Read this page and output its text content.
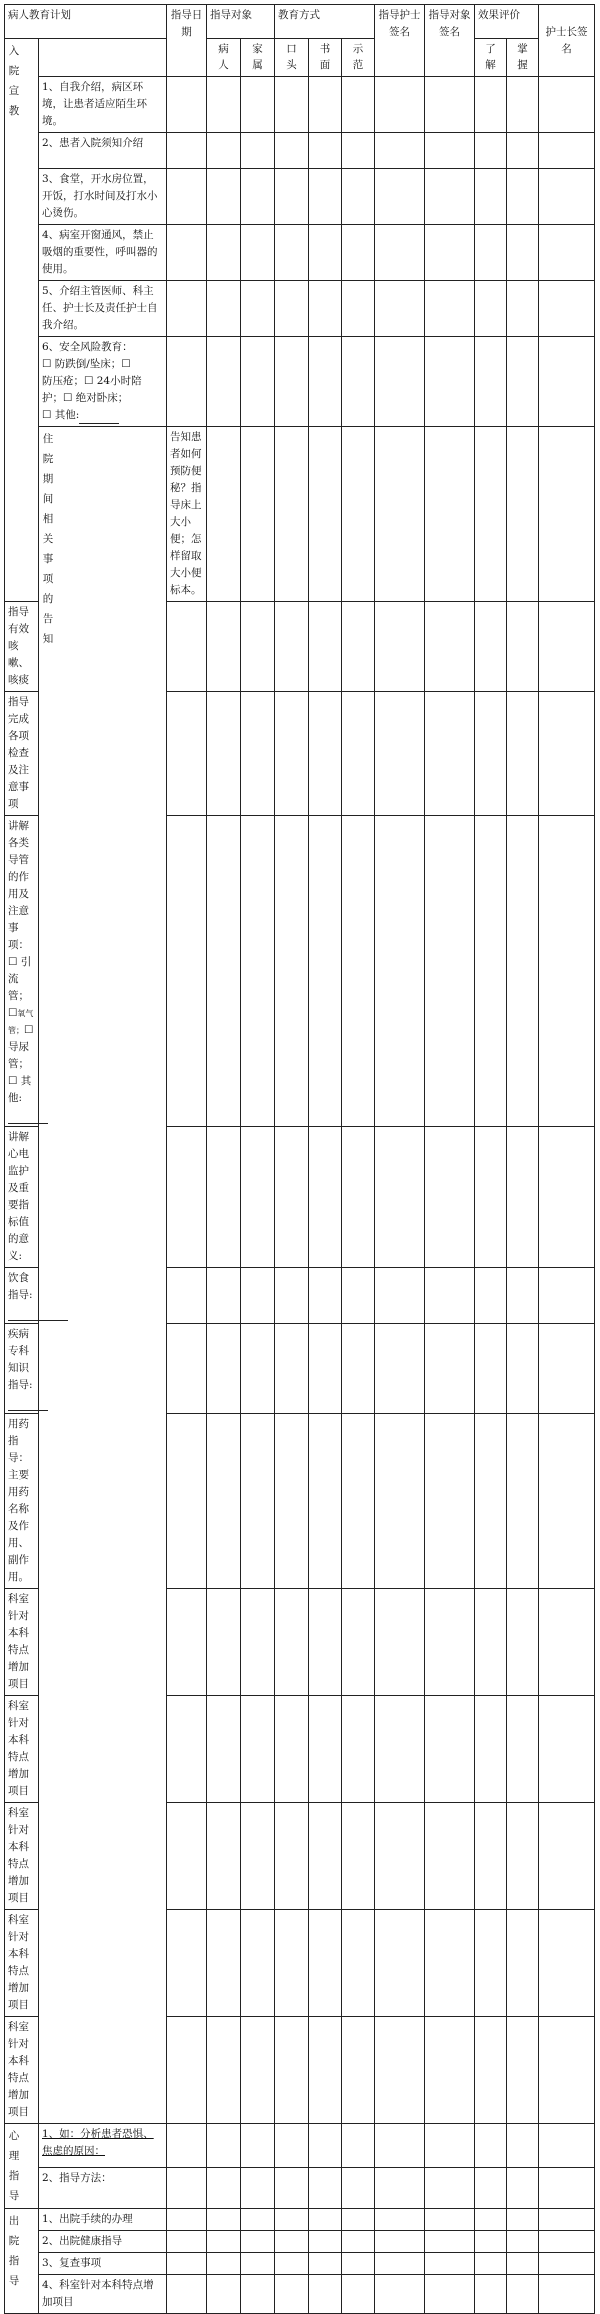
病人教育计划		指导日期	指导对象		教育方式			指导护士签名	指导对象签名	效果评价		护士长签名	

入院宣教			病人	家属	口头	书面	示范			了解	掌握		
	1、自我介绍，病区环境，让患者适应陌生环境。												
	2、患者入院须知介绍												
	3、食堂，开水房位置，开饭，打水时间及打水小心烫伤。												
	4、病室开窗通风，禁止吸烟的重要性，呼叫器的使用。												
	5、介绍主管医师、科主任、护士长及责任护士自我介绍。												

	6、安全风险教育：
☐ 防跌倒/坠床；☐
防压疮；☐ 24小时陪
护；☐ 绝对卧床；
☐ 其他:												

	住院期间相关事项的告知	告知患者如何预防便秘？指导床上大小便；怎样留取大小便标本。											
指导有效咳嗽、咳痰													
指导完成各项检查及注意事项													

讲解各类导管的作用及注意事项：☐ 引流
管；☐氧气管；☐ 导尿
管；☐ 其他:													

讲解心电监护及重要指标值的意义:													
饮食指导:													
疾病专科知识指导:													
用药指导：主要用药名称及作用、副作用。													
科室针对本科特点增加项目													
科室针对本科特点增加项目													
科室针对本科特点增加项目													
科室针对本科特点增加项目													
科室针对本科特点增加项目													

心理指导	1、如：分析患者恐惧、焦虑的原因：												
	2、指导方法：												

出院指导	1、出院手续的办理												
	2、出院健康指导												
	3、复查事项												
	4、科室针对本科特点增加项目												
